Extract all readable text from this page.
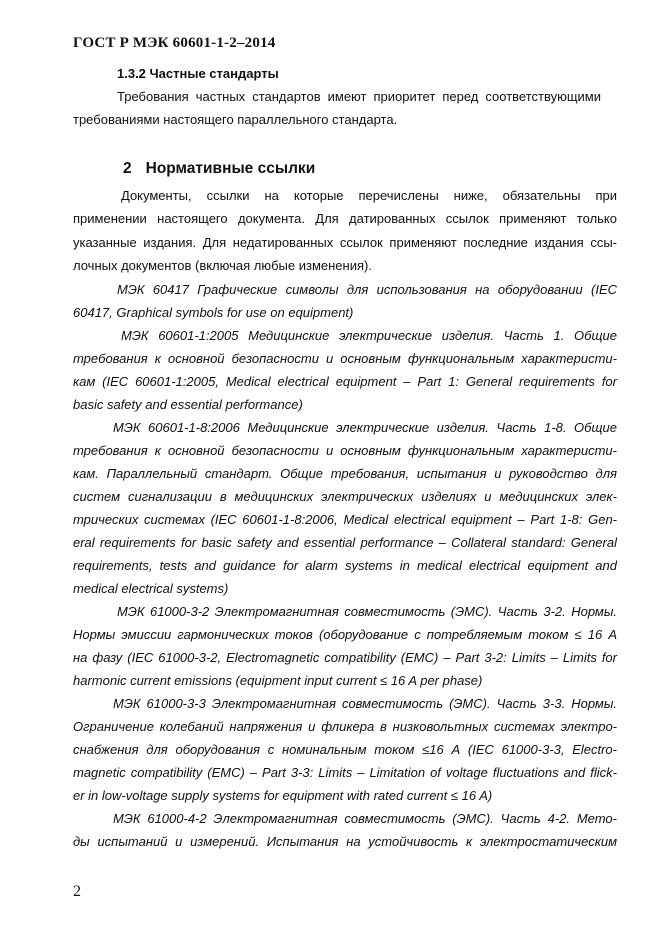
ГОСТ Р МЭК 60601-1-2–2014
1.3.2 Частные стандарты
Требования частных стандартов имеют приоритет перед соответствующими
требованиями настоящего параллельного стандарта.
2 Нормативные ссылки
Документы, ссылки на которые перечислены ниже, обязательны при
применении настоящего документа. Для датированных ссылок применяют только
указанные издания. Для недатированных ссылок применяют последние издания ссы-
лочных документов (включая любые изменения).
МЭК 60417 Графические символы для использования на оборудовании (IEC
60417, Graphical symbols for use on equipment)
МЭК 60601-1:2005 Медицинские электрические изделия. Часть 1. Общие
требования к основной безопасности и основным функциональным характеристи-
кам (IEC 60601-1:2005, Medical electrical equipment – Part 1: General requirements for
basic safety and essential performance)
МЭК 60601-1-8:2006 Медицинские электрические изделия. Часть 1-8. Общие
требования к основной безопасности и основным функциональным характеристи-
кам. Параллельный стандарт. Общие требования, испытания и руководство для
систем сигнализации в медицинских электрических изделиях и медицинских элек-
трических системах (IEC 60601-1-8:2006, Medical electrical equipment – Part 1-8: Gen-
eral requirements for basic safety and essential performance – Collateral standard: General
requirements, tests and guidance for alarm systems in medical electrical equipment and
medical electrical systems)
МЭК 61000-3-2 Электромагнитная совместимость (ЭМС). Часть 3-2. Нормы.
Нормы эмиссии гармонических токов (оборудование с потребляемым током ≤ 16 А
на фазу (IEC 61000-3-2, Electromagnetic compatibility (EMC) – Part 3-2: Limits – Limits for
harmonic current emissions (equipment input current ≤ 16 A per phase)
МЭК 61000-3-3 Электромагнитная совместимость (ЭМС). Часть 3-3. Нормы.
Ограничение колебаний напряжения и фликера в низковольтных системах электро-
снабжения для оборудования с номинальным током ≤16 А (IEC 61000-3-3, Electro-
magnetic compatibility (EMC) – Part 3-3: Limits – Limitation of voltage fluctuations and flick-
er in low-voltage supply systems for equipment with rated current ≤ 16 A)
МЭК 61000-4-2 Электромагнитная совместимость (ЭМС). Часть 4-2. Мето-
ды испытаний и измерений. Испытания на устойчивость к электростатическим
2
